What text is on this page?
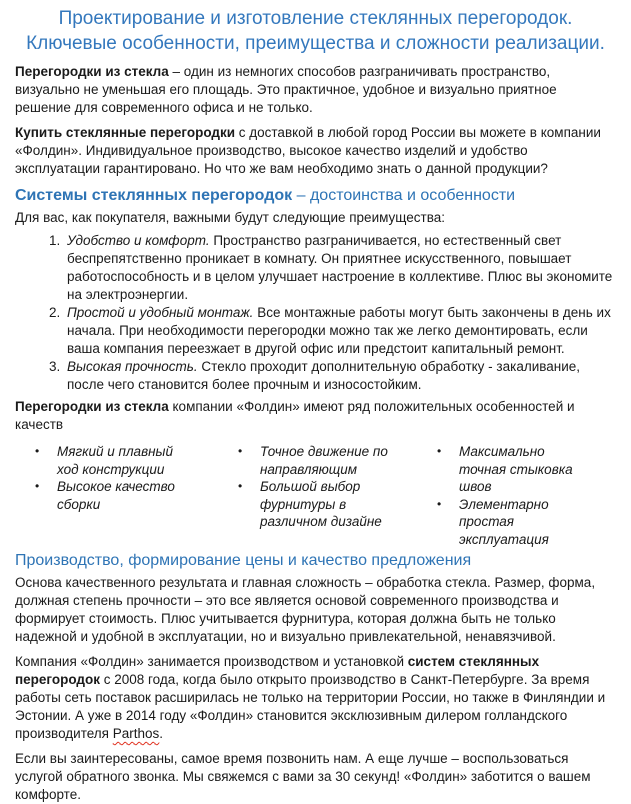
Проектирование и изготовление стеклянных перегородок. Ключевые особенности, преимущества и сложности реализации.

Перегородки из стекла – один из немногих способов разграничивать пространство, визуально не уменьшая его площадь. Это практичное, удобное и визуально приятное решение для современного офиса и не только.

Купить стеклянные перегородки с доставкой в любой город России вы можете в компании «Фолдин». Индивидуальное производство, высокое качество изделий и удобство эксплуатации гарантировано. Но что же вам необходимо знать о данной продукции?

Системы стеклянных перегородок – достоинства и особенности

Для вас, как покупателя, важными будут следующие преимущества:

1. Удобство и комфорт. Пространство разграничивается, но естественный свет беспрепятственно проникает в комнату. Он приятнее искусственного, повышает работоспособность и в целом улучшает настроение в коллективе. Плюс вы экономите на электроэнергии.
2. Простой и удобный монтаж. Все монтажные работы могут быть закончены в день их начала. При необходимости перегородки можно так же легко демонтировать, если ваша компания переезжает в другой офис или предстоит капитальный ремонт.
3. Высокая прочность. Стекло проходит дополнительную обработку - закаливание, после чего становится более прочным и износостойким.

Перегородки из стекла компании «Фолдин» имеют ряд положительных особенностей и качеств

•	Мягкий и плавный ход конструкции
•	Высокое качество сборки
•	Точное движение по направляющим
•	Большой выбор фурнитуры в различном дизайне
•	Максимально точная стыковка швов
•	Элементарно простая эксплуатация
Производство, формирование цены и качество предложения

Основа качественного результата и главная сложность – обработка стекла. Размер, форма, должная степень прочности – это все является основой современного производства и формирует стоимость. Плюс учитывается фурнитура, которая должна быть не только надежной и удобной в эксплуатации, но и визуально привлекательной, ненавязчивой.

Компания «Фолдин» занимается производством и установкой систем стеклянных перегородок с 2008 года, когда было открыто производство в Санкт-Петербурге. За время работы сеть поставок расширилась не только на территории России, но также в Финляндии и Эстонии. А уже в 2014 году «Фолдин» становится эксклюзивным дилером голландского производителя Parthos.

Если вы заинтересованы, самое время позвонить нам. А еще лучше – воспользоваться услугой обратного звонка. Мы свяжемся с вами за 30 секунд! «Фолдин» заботится о вашем комфорте.
